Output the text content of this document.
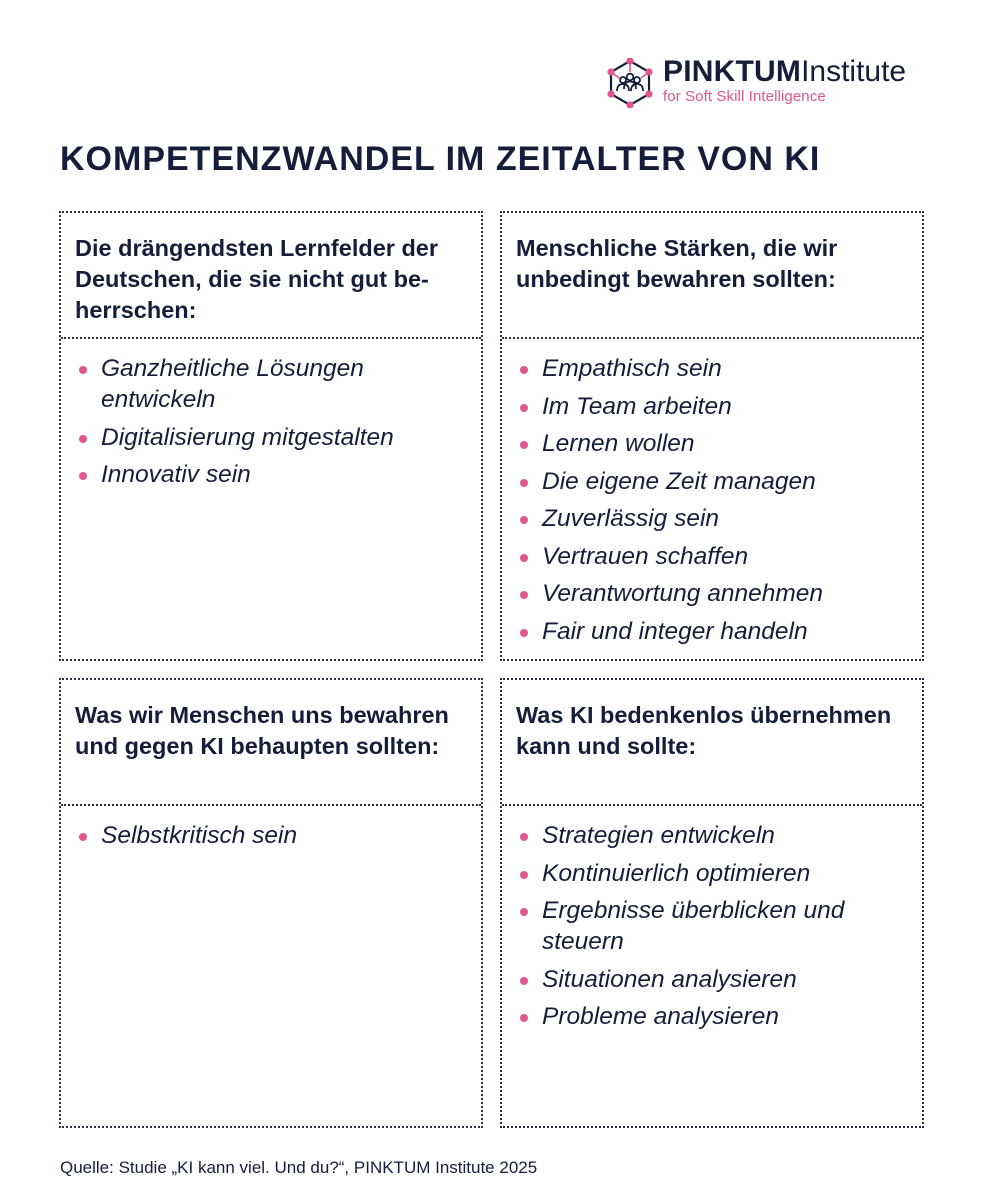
PINKTUMInstitute
for Soft Skill Intelligence
KOMPETENZWANDEL IM ZEITALTER VON KI
Die drängendsten Lernfelder der Deutschen, die sie nicht gut beherrschen:
Ganzheitliche Lösungen entwickeln
Digitalisierung mitgestalten
Innovativ sein
Menschliche Stärken, die wir unbedingt bewahren sollten:
Empathisch sein
Im Team arbeiten
Lernen wollen
Die eigene Zeit managen
Zuverlässig sein
Vertrauen schaffen
Verantwortung annehmen
Fair und integer handeln
Was wir Menschen uns bewahren und gegen KI behaupten sollten:
Selbstkritisch sein
Was KI bedenkenlos übernehmen kann und sollte:
Strategien entwickeln
Kontinuierlich optimieren
Ergebnisse überblicken und steuern
Situationen analysieren
Probleme analysieren
Quelle: Studie „KI kann viel. Und du?“, PINKTUM Institute 2025
